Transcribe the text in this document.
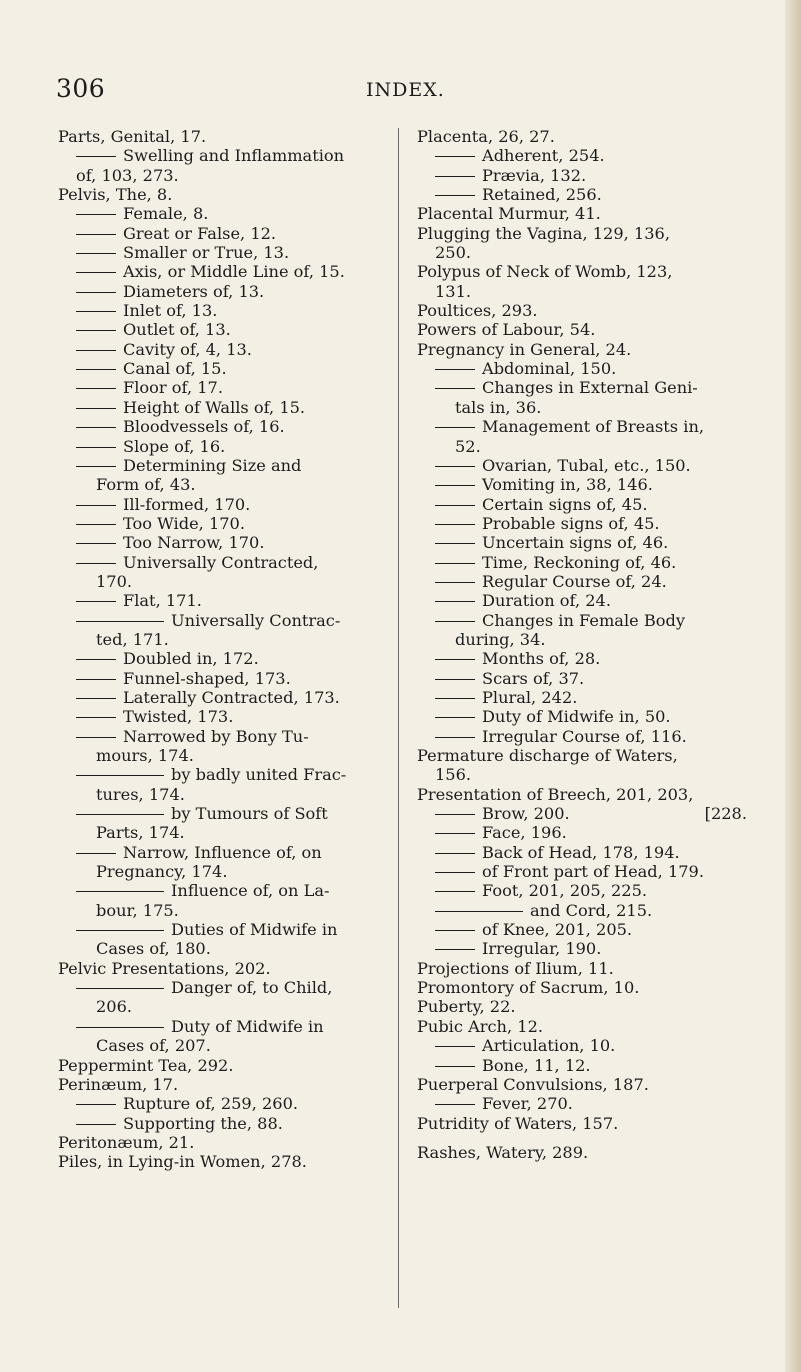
306	INDEX.
Parts, Genital, 17.
Swelling and Inflammation
of, 103, 273.
Pelvis, The, 8.
Female, 8.
Great or False, 12.
Smaller or True, 13.
Axis, or Middle Line of, 15.
Diameters of, 13.
Inlet of, 13.
Outlet of, 13.
Cavity of, 4, 13.
Canal of, 15.
Floor of, 17.
Height of Walls of, 15.
Bloodvessels of, 16.
Slope of, 16.
Determining Size and
Form of, 43.
Ill-formed, 170.
Too Wide, 170.
Too Narrow, 170.
Universally Contracted,
170.
Flat, 171.
Universally Contrac-
ted, 171.
Doubled in, 172.
Funnel-shaped, 173.
Laterally Contracted, 173.
Twisted, 173.
Narrowed by Bony Tu-
mours, 174.
by badly united Frac-
tures, 174.
by Tumours of Soft
Parts, 174.
Narrow, Influence of, on
Pregnancy, 174.
Influence of, on La-
bour, 175.
Duties of Midwife in
Cases of, 180.
Pelvic Presentations, 202.
Danger of, to Child,
206.
Duty of Midwife in
Cases of, 207.
Peppermint Tea, 292.
Perinæum, 17.
Rupture of, 259, 260.
Supporting the, 88.
Peritonæum, 21.
Piles, in Lying-in Women, 278.
Placenta, 26, 27.
Adherent, 254.
Prævia, 132.
Retained, 256.
Placental Murmur, 41.
Plugging the Vagina, 129, 136,
250.
Polypus of Neck of Womb, 123,
131.
Poultices, 293.
Powers of Labour, 54.
Pregnancy in General, 24.
Abdominal, 150.
Changes in External Geni-
tals in, 36.
Management of Breasts in,
52.
Ovarian, Tubal, etc., 150.
Vomiting in, 38, 146.
Certain signs of, 45.
Probable signs of, 45.
Uncertain signs of, 46.
Time, Reckoning of, 46.
Regular Course of, 24.
Duration of, 24.
Changes in Female Body
during, 34.
Months of, 28.
Scars of, 37.
Plural, 242.
Duty of Midwife in, 50.
Irregular Course of, 116.
Permature discharge of Waters,
156.
Presentation of Breech, 201, 203,
Brow, 200.	[228.
Face, 196.
Back of Head, 178, 194.
of Front part of Head, 179.
Foot, 201, 205, 225.
and Cord, 215.
of Knee, 201, 205.
Irregular, 190.
Projections of Ilium, 11.
Promontory of Sacrum, 10.
Puberty, 22.
Pubic Arch, 12.
Articulation, 10.
Bone, 11, 12.
Puerperal Convulsions, 187.
Fever, 270.
Putridity of Waters, 157.
Rashes, Watery, 289.
